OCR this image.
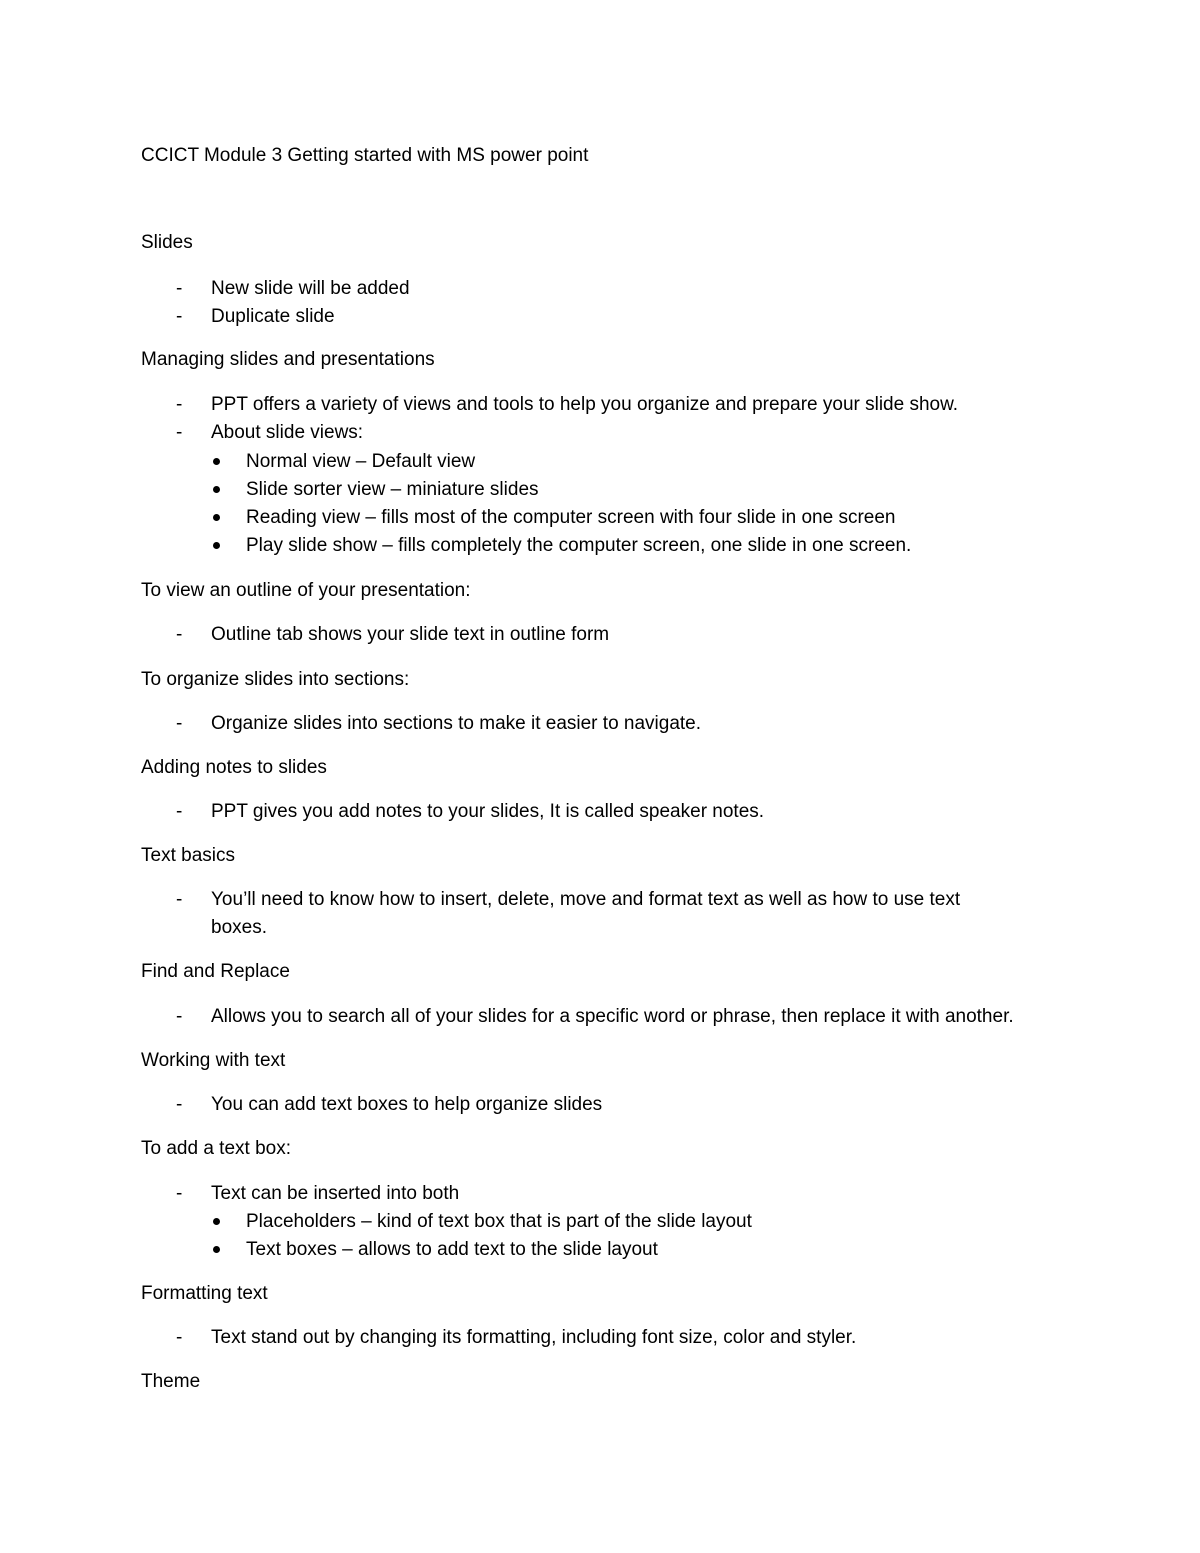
CCICT Module 3 Getting started with MS power point
Slides
- New slide will be added
- Duplicate slide
Managing slides and presentations
- PPT offers a variety of views and tools to help you organize and prepare your slide show.
- About slide views:
Normal view – Default view
Slide sorter view – miniature slides
Reading view – fills most of the computer screen with four slide in one screen
Play slide show – fills completely the computer screen, one slide in one screen.
To view an outline of your presentation:
- Outline tab shows your slide text in outline form
To organize slides into sections:
- Organize slides into sections to make it easier to navigate.
Adding notes to slides
- PPT gives you add notes to your slides, It is called speaker notes.
Text basics
- You’ll need to know how to insert, delete, move and format text as well as how to use text
boxes.
Find and Replace
- Allows you to search all of your slides for a specific word or phrase, then replace it with another.
Working with text
- You can add text boxes to help organize slides
To add a text box:
- Text can be inserted into both
Placeholders – kind of text box that is part of the slide layout
Text boxes – allows to add text to the slide layout
Formatting text
- Text stand out by changing its formatting, including font size, color and styler.
Theme
